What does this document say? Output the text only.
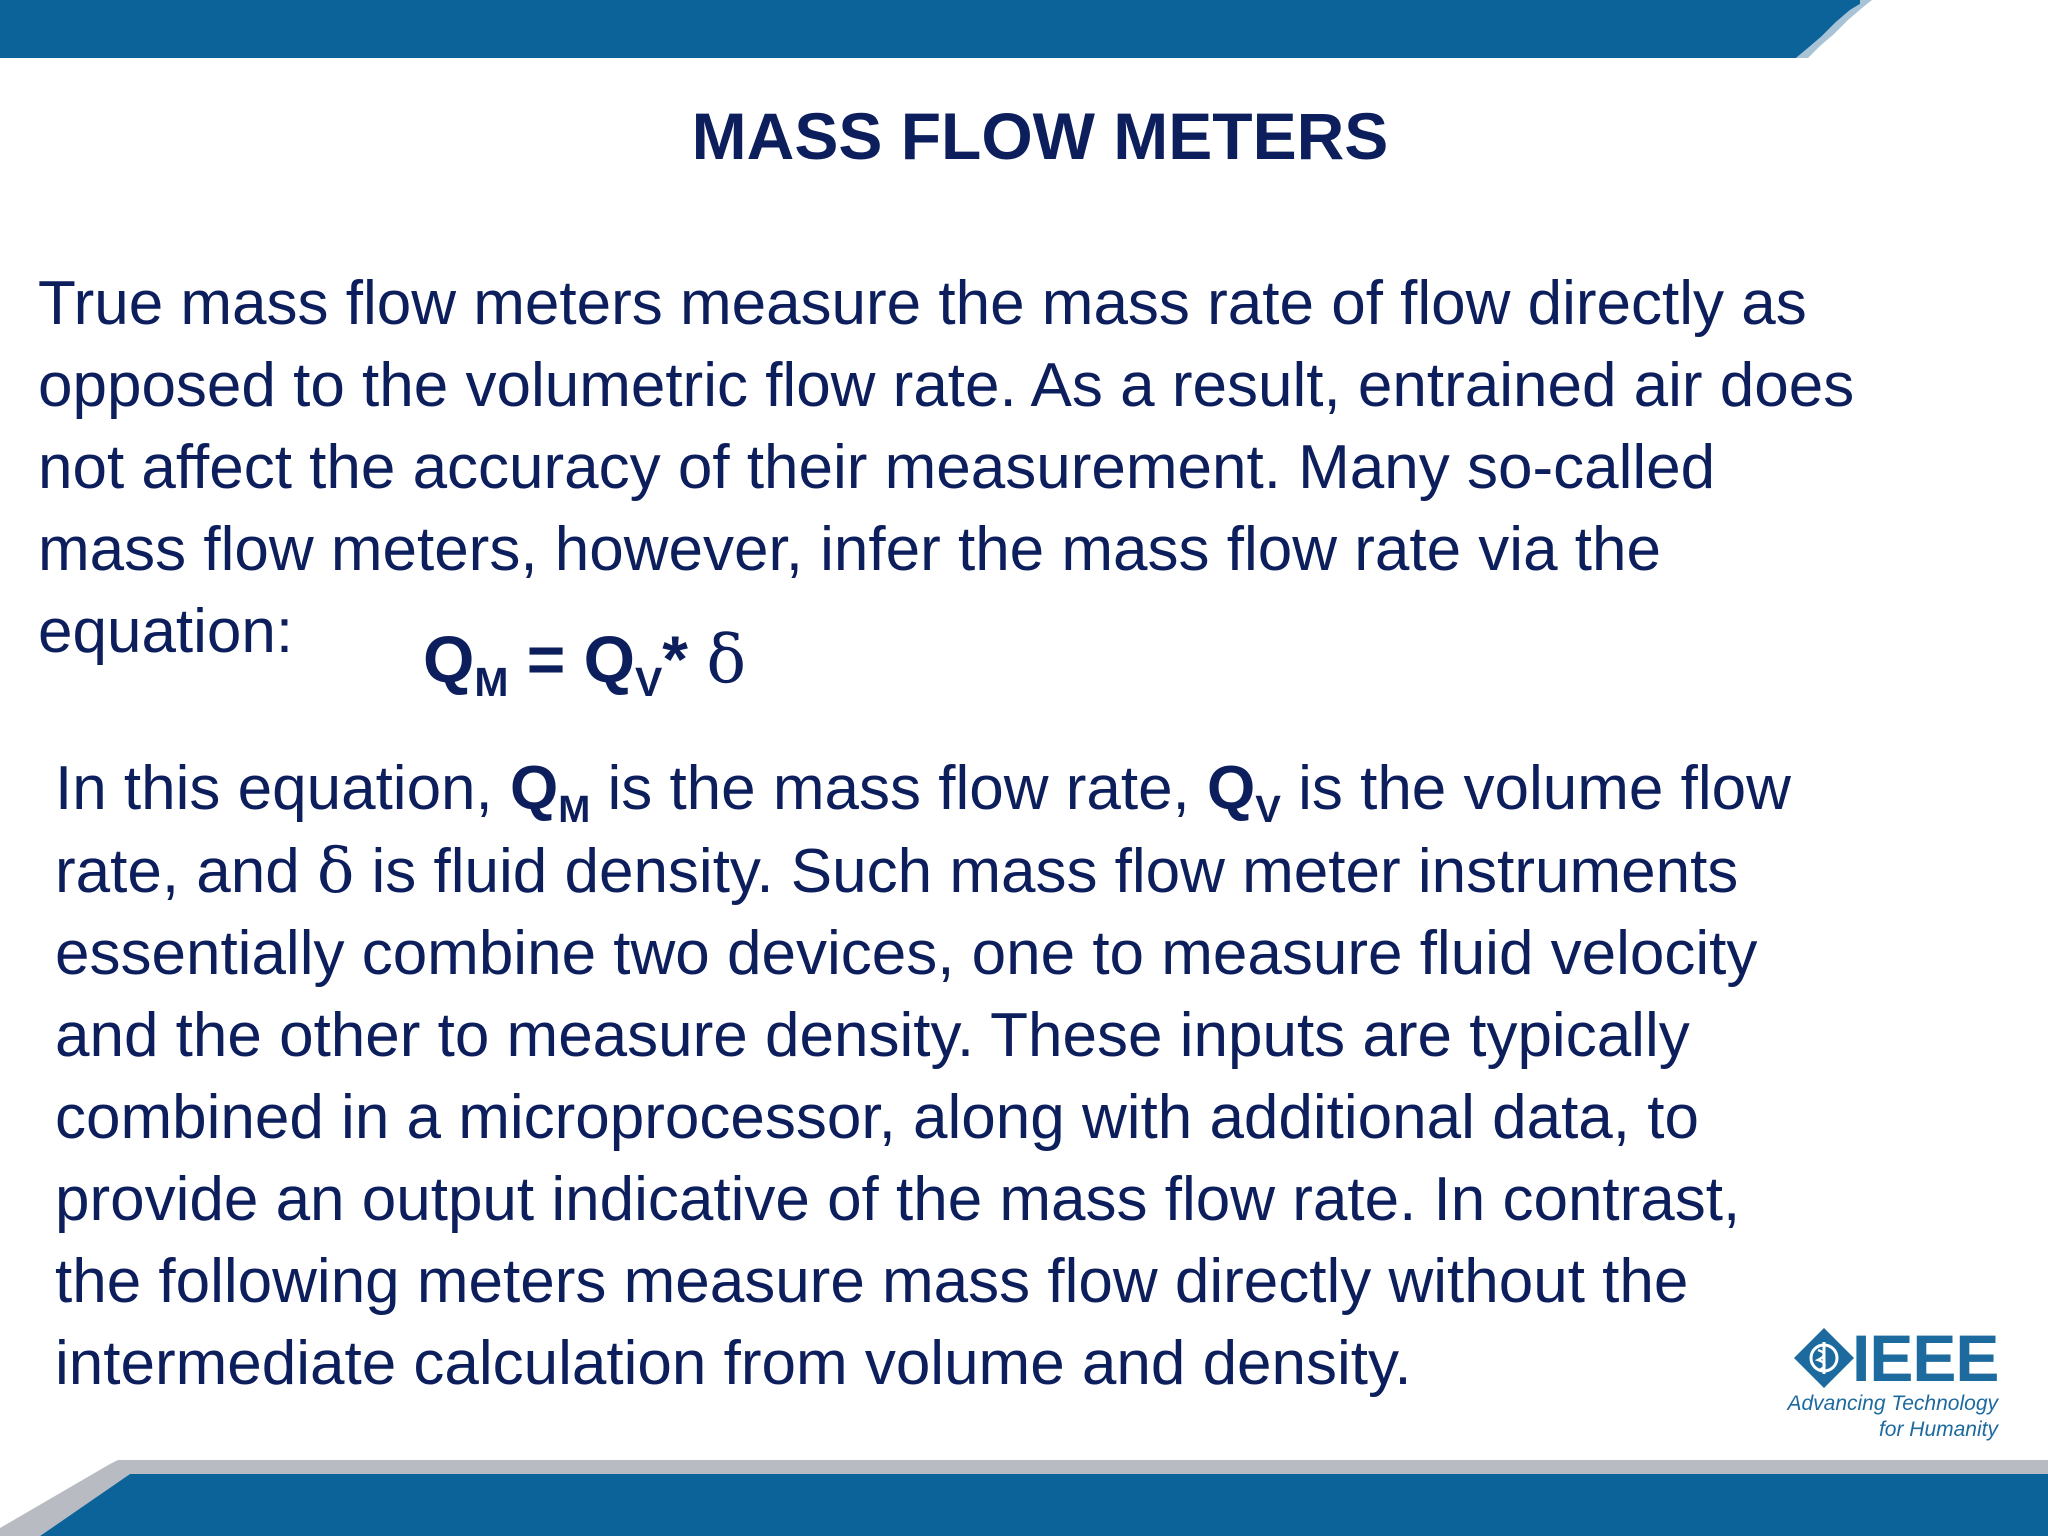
MASS FLOW METERS
True mass flow meters measure the mass rate of flow directly as
opposed to the volumetric flow rate. As a result, entrained air does
not affect the accuracy of their measurement. Many so-called
mass flow meters, however, infer the mass flow rate via the
equation:	$Q_M = Q_V*$ δ
In this equation, $Q_M$ is the mass flow rate, $Q_V$ is the volume flow
rate, and δ is fluid density. Such mass flow meter instruments
essentially combine two devices, one to measure fluid velocity
and the other to measure density. These inputs are typically
combined in a microprocessor, along with additional data, to
provide an output indicative of the mass flow rate. In contrast,
the following meters measure mass flow directly without the
intermediate calculation from volume and density.	IEEE
Advancing Technology
for Humanity
